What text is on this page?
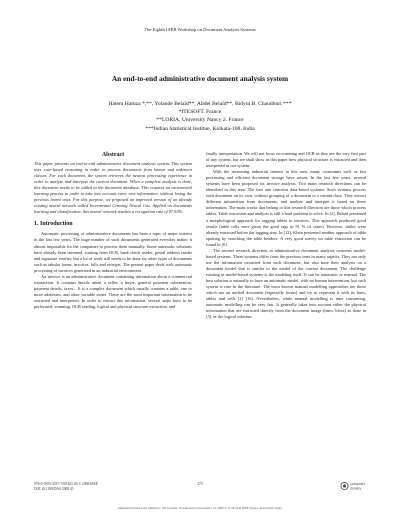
The Eighth IAPR Workshop on Document Analysis Systems
An end-to-end administrative document analysis system
Hatem Hamza *,**, Yolande Belaïd**, Abdel Belaïd**, Bidyut B. Chaudhuri ***
*ITESOFT. France
**LORIA, University Nancy 2. France
***Indian Statistical Institue, Kolkata-108. India
Abstract

This paper presents an end-to-end administrative document analysis system. This system uses case-based reasoning in order to process documents from known and unknown classes. For each document, the system retrieves the nearest processing experience in order to analyze and interpret the current document. When a complete analysis is done, this document needs to be added to the document database. This requires an incremental learning process in order to take into account every new information, without losing the previous learnt ones. For this purpose, we proposed an improved version of an already existing neural network called Incremental Growing Neural Gas. Applied on documents learning and classification, this neural network reaches a recognition rate of 97.63%.

1. Introduction

Automatic processing of administrative documents has been a topic of major interest in the last few years. The huge number of such documents generated everyday makes it almost impossible for the companies to process them manually. Some automatic solutions have already been invented, starting from OCR, bank check reader, postal address reader and signature verifier, but a lot of work still needs to be done for other types of documents such as tabular forms, invoices, bills and receipts. The present paper deals with automatic processing of invoices generated in an industrial environment.

An invoice is an administrative document containing information about a commercial transaction. It contains details about a seller, a buyer, general payment information, payment details, taxes... It is a complex document which usually contains a table, one or more addresses, and other variable zones. These are the most important information to be extracted and interpreted. In order to extract this information, several steps have to be performed: scanning, OCR reading, logical and physical structure extraction, and

finally interpretation. We will not focus on scanning and OCR as they are the very first part of any system, but we shall show in this paper how physical structure is extracted and then interpreted in our system.

With the increasing industrial interest in this area, many constraints such as fast processing and efficient document storage have arisen. In the last few years, several systems have been proposed for invoice analysis. Two main research directions can be identified in this area. The first one concerns data-based systems. Such systems process each document on its own, without grouping of a document to a certain class. They extract different information from documents, and analyze and interpret it based on these information. The main works that belong to this research direction are those which process tables. Table extraction and analysis is still a hard problem to solve. In [2], Belaïd presented a morphological approach for tagging tables in invoices. This approach produced good results (table cells were given the good tags in 91 % of cases). However, tables were already extracted before the tagging step. In [12], Klein presented another approach of table spotting by searching the table headers. A very good survey on table extraction can be found in [6].

The second research direction in administrative document analysis concerns model-based systems. These systems differ from the previous ones in many aspects. They not only use the information extracted from each document, but also base their analysis on a document model that is similar to the model of the current document. The challenge existing in model-based systems is the modeling itself. It can be automatic or manual. The best solution is naturally to have an automatic model, with no human intervention, but such system is rare in the literature. The most known manual modelling approaches are those which use an unified document (especially forms) and try to represent it with its lines, tables and cells [1] [16]. Nevertheless, while manual modelling is time consuming, automatic modelling can be very fast. It generally takes into account either the physical information that are extracted directly from the document image (lines, blocs) as done in [5], or the logical informa-

978-0-7695-3337-7/08 $25.00 © 2008 IEEE
DOI 10.1109/DAS.2008.43
175	computer
society
Authorized licensed use limited to: UR Lorraine. Downloaded on December 10, 2008 at 11:58 from IEEE Xplore. Restrictions apply.
